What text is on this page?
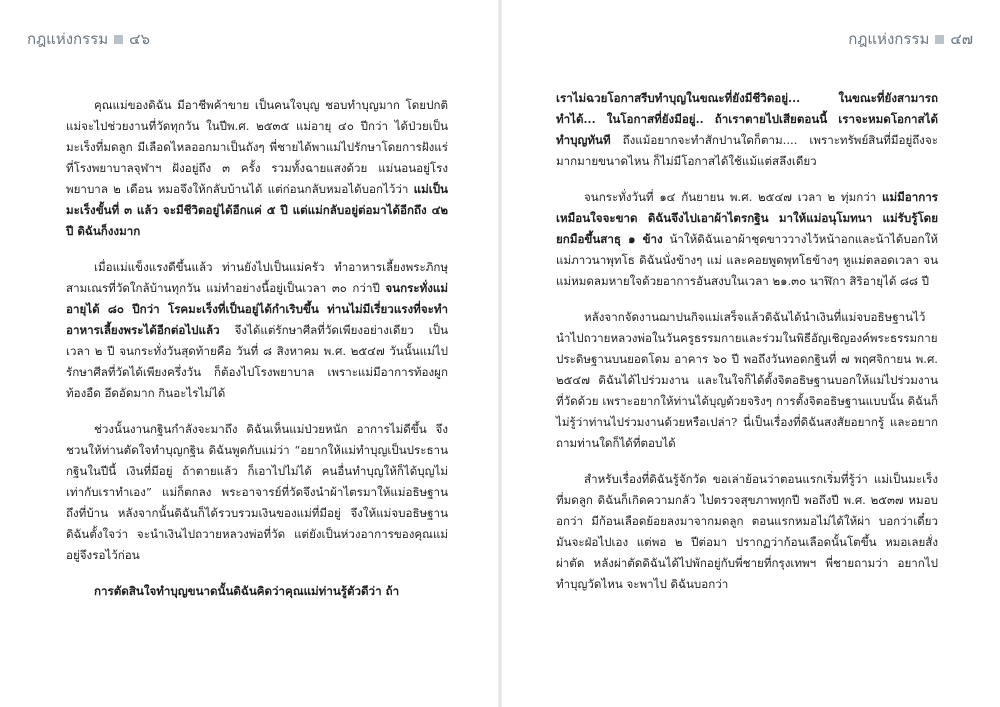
กฎแห่งกรรม ๔๖

คุณแม่ของดิฉัน มีอาชีพค้าขาย เป็นคนใจบุญ ชอบทำบุญมาก โดยปกติแม่จะไปช่วยงานที่วัดทุกวัน ในปีพ.ศ. ๒๕๓๕ แม่อายุ ๔๐ ปีกว่า ได้ป่วยเป็นมะเร็งที่มดลูก มีเลือดไหลออกมาเป็นถังๆ พี่ชายได้พาแม่ไปรักษาโดยการฝังแร่ที่โรงพยาบาลจุฬาฯ ฝังอยู่ถึง ๓ ครั้ง รวมทั้งฉายแสงด้วย แม่นอนอยู่โรงพยาบาล ๒ เดือน หมอจึงให้กลับบ้านได้ แต่ก่อนกลับหมอได้บอกไว้ว่า แม่เป็นมะเร็งขั้นที่ ๓ แล้ว จะมีชีวิตอยู่ได้อีกแค่ ๕ ปี แต่แม่กลับอยู่ต่อมาได้อีกถึง ๔๒ ปี ดิฉันก็งงมาก

เมื่อแม่แข็งแรงดีขึ้นแล้ว ท่านยังไปเป็นแม่ครัว ทำอาหารเลี้ยงพระภิกษุ สามเณรที่วัดใกล้บ้านทุกวัน แม่ทำอย่างนี้อยู่เป็นเวลา ๓๐ กว่าปี จนกระทั่งแม่อายุได้ ๘๐ ปีกว่า โรคมะเร็งที่เป็นอยู่ได้กำเริบขึ้น ท่านไม่มีเรี่ยวแรงที่จะทำอาหารเลี้ยงพระได้อีกต่อไปแล้ว จึงได้แต่รักษาศีลที่วัดเพียงอย่างเดียว เป็นเวลา ๒ ปี จนกระทั่งวันสุดท้ายคือ วันที่ ๘ สิงหาคม พ.ศ. ๒๕๔๗ วันนั้นแม่ไปรักษาศีลที่วัดได้เพียงครึ่งวัน ก็ต้องไปโรงพยาบาล เพราะแม่มีอาการท้องผูก ท้องอืด อึดอัดมาก กินอะไรไม่ได้

ช่วงนั้นงานกฐินกำลังจะมาถึง ดิฉันเห็นแม่ป่วยหนัก อาการไม่ดีขึ้น จึงชวนให้ท่านตัดใจทำบุญกฐิน ดิฉันพูดกับแม่ว่า “อยากให้แม่ทำบุญเป็นประธานกฐินในปีนี้ เงินที่มีอยู่ ถ้าตายแล้ว ก็เอาไปไม่ได้ คนอื่นทำบุญให้ก็ได้บุญไม่เท่ากับเราทำเอง” แม่ก็ตกลง พระอาจารย์ที่วัดจึงนำผ้าไตรมาให้แม่อธิษฐานถึงที่บ้าน หลังจากนั้นดิฉันก็ได้รวบรวมเงินของแม่ที่มีอยู่ จึงให้แม่จบอธิษฐาน ดิฉันตั้งใจว่า จะนำเงินไปถวายหลวงพ่อที่วัด แต่ยังเป็นห่วงอาการของคุณแม่อยู่จึงรอไว้ก่อน

การตัดสินใจทำบุญขนาดนั้นดิฉันคิดว่าคุณแม่ท่านรู้ตัวดีว่า ถ้า

กฎแห่งกรรม ๔๗

เราไม่ฉวยโอกาสรีบทำบุญในขณะที่ยังมีชีวิตอยู่... ในขณะที่ยังสามารถทำได้... ในโอกาสที่ยังมีอยู่.. ถ้าเราตายไปเสียตอนนี้ เราจะหมดโอกาสได้ทำบุญทันที ถึงแม้อยากจะทำสักปานใดก็ตาม.... เพราะทรัพย์สินที่มีอยู่ถึงจะมากมายขนาดไหน ก็ไม่มีโอกาสได้ใช้แม้แต่สลึงเดียว

จนกระทั่งวันที่ ๑๔ กันยายน พ.ศ. ๒๕๔๗ เวลา ๒ ทุ่มกว่า แม่มีอาการเหมือนใจจะขาด ดิฉันจึงไปเอาผ้าไตรกฐิน มาให้แม่อนุโมทนา แม่รับรู้โดยยกมือขึ้นสาธุ ๑ ข้าง น้าให้ดิฉันเอาผ้าชุดขาววางไว้หน้าอกและน้าได้บอกให้แม่ภาวนาพุทโธ ดิฉันนั่งข้างๆ แม่ และคอยพูดพุทโธข้างๆ หูแม่ตลอดเวลา จนแม่หมดลมหายใจด้วยอาการอันสงบในเวลา ๒๑.๓๐ นาฬิกา สิริอายุได้ ๘๘ ปี

หลังจากจัดงานฌาปนกิจแม่เสร็จแล้วดิฉันได้นำเงินที่แม่จบอธิษฐานไว้ นำไปถวายหลวงพ่อในวันครูธรรมกายและร่วมในพิธีอัญเชิญองค์พระธรรมกายประดิษฐานบนยอดโดม อาคาร ๖๐ ปี พอถึงวันทอดกฐินที่ ๗ พฤศจิกายน พ.ศ. ๒๕๔๗ ดิฉันได้ไปร่วมงาน และในใจก็ได้ตั้งจิตอธิษฐานบอกให้แม่ไปร่วมงาน ที่วัดด้วย เพราะอยากให้ท่านได้บุญด้วยจริงๆ การตั้งจิตอธิษฐานแบบนั้น ดิฉันก็ไม่รู้ว่าท่านไปร่วมงานด้วยหรือเปล่า? นี่เป็นเรื่องที่ดิฉันสงสัยอยากรู้ และอยากถามท่านใดก็ได้ที่ตอบได้

สำหรับเรื่องที่ดิฉันรู้จักวัด ขอเล่าย้อนว่าตอนแรกเริ่มที่รู้ว่า แม่เป็นมะเร็งที่มดลูก ดิฉันก็เกิดความกลัว ไปตรวจสุขภาพทุกปี พอถึงปี พ.ศ. ๒๕๓๗ หมอบอกว่า มีก้อนเลือดย้อยลงมาจากมดลูก ตอนแรกหมอไม่ได้ให้ผ่า บอกว่าเดี๋ยวมันจะฝ่อไปเอง แต่พอ ๒ ปีต่อมา ปรากฏว่าก้อนเลือดนั้นโตขึ้น หมอเลยสั่งผ่าตัด หลังผ่าตัดดิฉันได้ไปพักอยู่กับพี่ชายที่กรุงเทพฯ พี่ชายถามว่า อยากไปทำบุญวัดไหน จะพาไป ดิฉันบอกว่า
